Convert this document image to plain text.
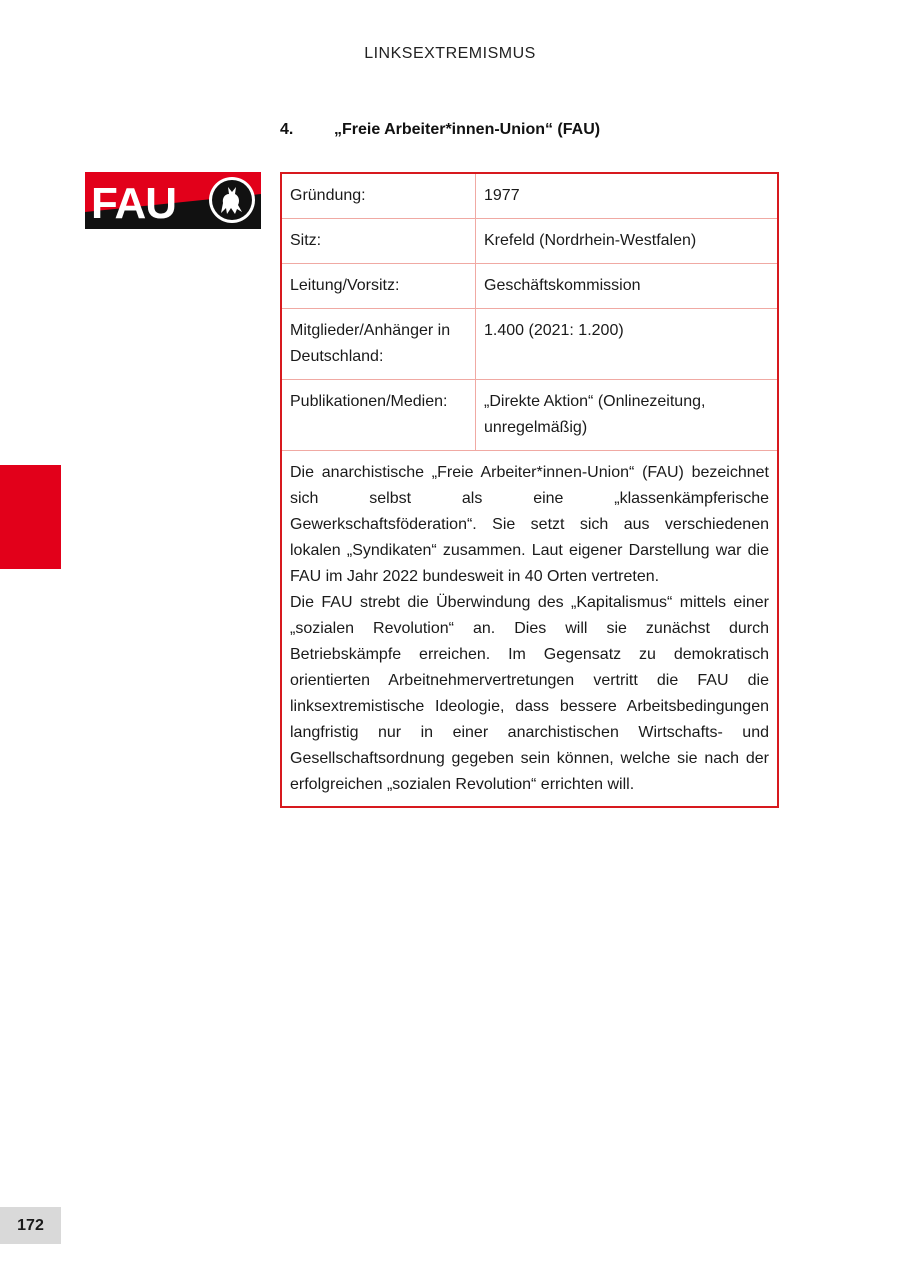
LINKSEXTREMISMUS
4.	„Freie Arbeiter*innen-Union“ (FAU)
FAU	Gründung:	1977
Sitz:	Krefeld (Nordrhein-Westfalen)
Leitung/Vorsitz:	Geschäftskommission
Mitglieder/Anhänger in Deutschland:	1.400 (2021: 1.200)
Publikationen/Medien:	„Direkte Aktion“ (Onlinezeitung, unregelmäßig)

Die anarchistische „Freie Arbeiter*innen-Union“ (FAU) bezeichnet sich selbst als eine „klassenkämpferische Gewerkschaftsföderation“. Sie setzt sich aus verschiedenen lokalen „Syndikaten“ zusammen. Laut eigener Darstellung war die FAU im Jahr 2022 bundesweit in 40 Orten vertreten.

Die FAU strebt die Überwindung des „Kapitalismus“ mittels einer „sozialen Revolution“ an. Dies will sie zunächst durch Betriebskämpfe erreichen. Im Gegensatz zu demokratisch orientierten Arbeitnehmervertretungen vertritt die FAU die linksextremistische Ideologie, dass bessere Arbeitsbedingungen langfristig nur in einer anarchistischen Wirtschafts- und Gesellschaftsordnung gegeben sein können, welche sie nach der erfolgreichen „sozialen Revolution“ errichten will.

172
